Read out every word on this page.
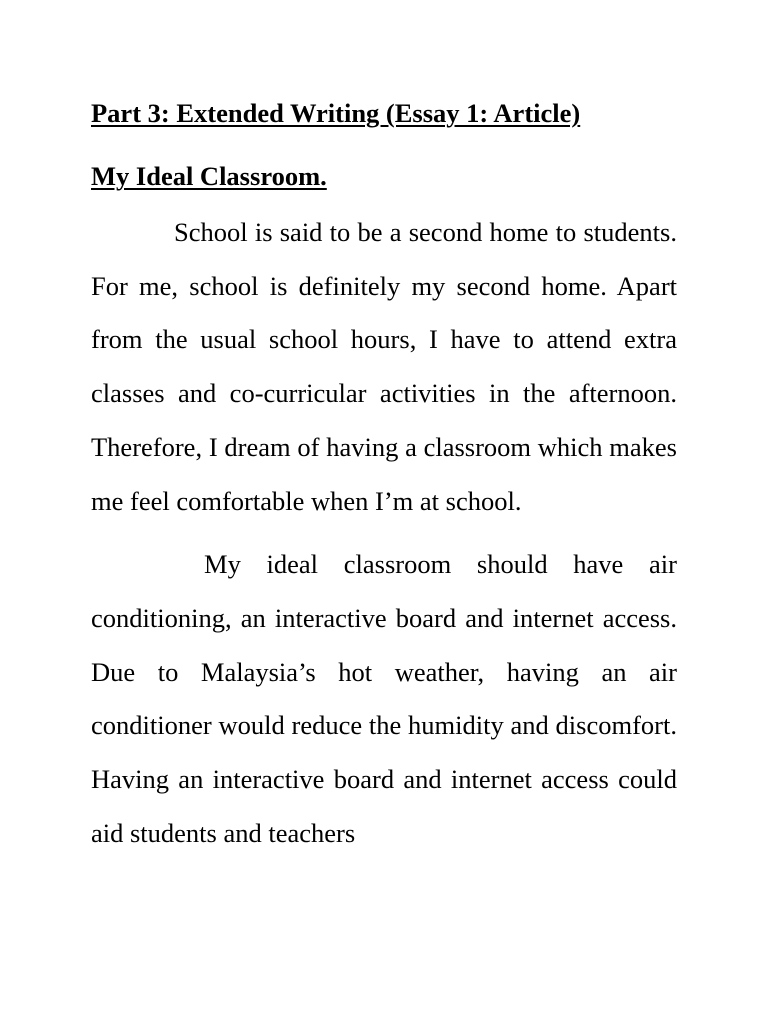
Part 3: Extended Writing (Essay 1: Article)

My Ideal Classroom.

School is said to be a second home to students. For me, school is definitely my second home. Apart from the usual school hours, I have to attend extra classes and co-curricular activities in the afternoon. Therefore, I dream of having a classroom which makes me feel comfortable when I’m at school.

My ideal classroom should have air conditioning, an interactive board and internet access. Due to Malaysia’s hot weather, having an air conditioner would reduce the humidity and discomfort. Having an interactive board and internet access could aid students and teachers
